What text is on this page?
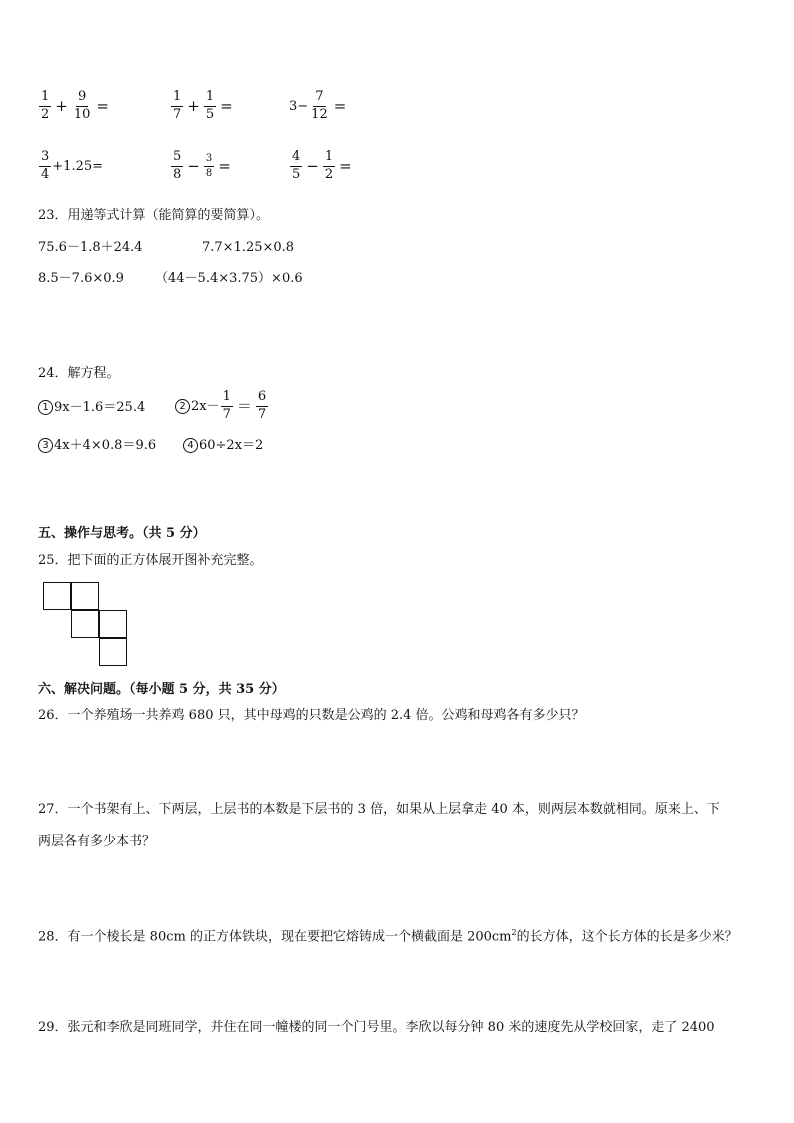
$\frac{1}{2} + \frac{9}{10}$ =	$\frac{1}{7} + \frac{1}{5}$ =	$3- \frac{7}{12}$ =
$\frac{3}{4} +1.25=$	$\frac{5}{8} - \frac{3}{8}$ =	$\frac{4}{5} - \frac{1}{2}$ =
23．用递等式计算（能简算的要简算）。
75.6－1.8＋24.4	7.7×1.25×0.8
8.5－7.6×0.9 （44－5.4×3.75）×0.6
24．解方程。
1 9x－1.6＝25.4	2 $2x- \frac{1}{7} = \frac{6}{7}$
3 4x＋4×0.8＝9.6	4 60÷2x＝2
五、操作与思考。（共 5 分）
25．把下面的正方体展开图补充完整。
六、解决问题。（每小题 5 分，共 35 分）
26．一个养殖场一共养鸡 680 只，其中母鸡的只数是公鸡的 2.4 倍。公鸡和母鸡各有多少只？
27．一个书架有上、下两层，上层书的本数是下层书的 3 倍，如果从上层拿走 40 本，则两层本数就相同。原来上、下
两层各有多少本书？
28．有一个棱长是 80cm 的正方体铁块，现在要把它熔铸成一个横截面是 $200cm^2$的长方体，这个长方体的长是多少米？
29．张元和李欣是同班同学，并住在同一幢楼的同一个门号里。李欣以每分钟 80 米的速度先从学校回家，走了 2400
